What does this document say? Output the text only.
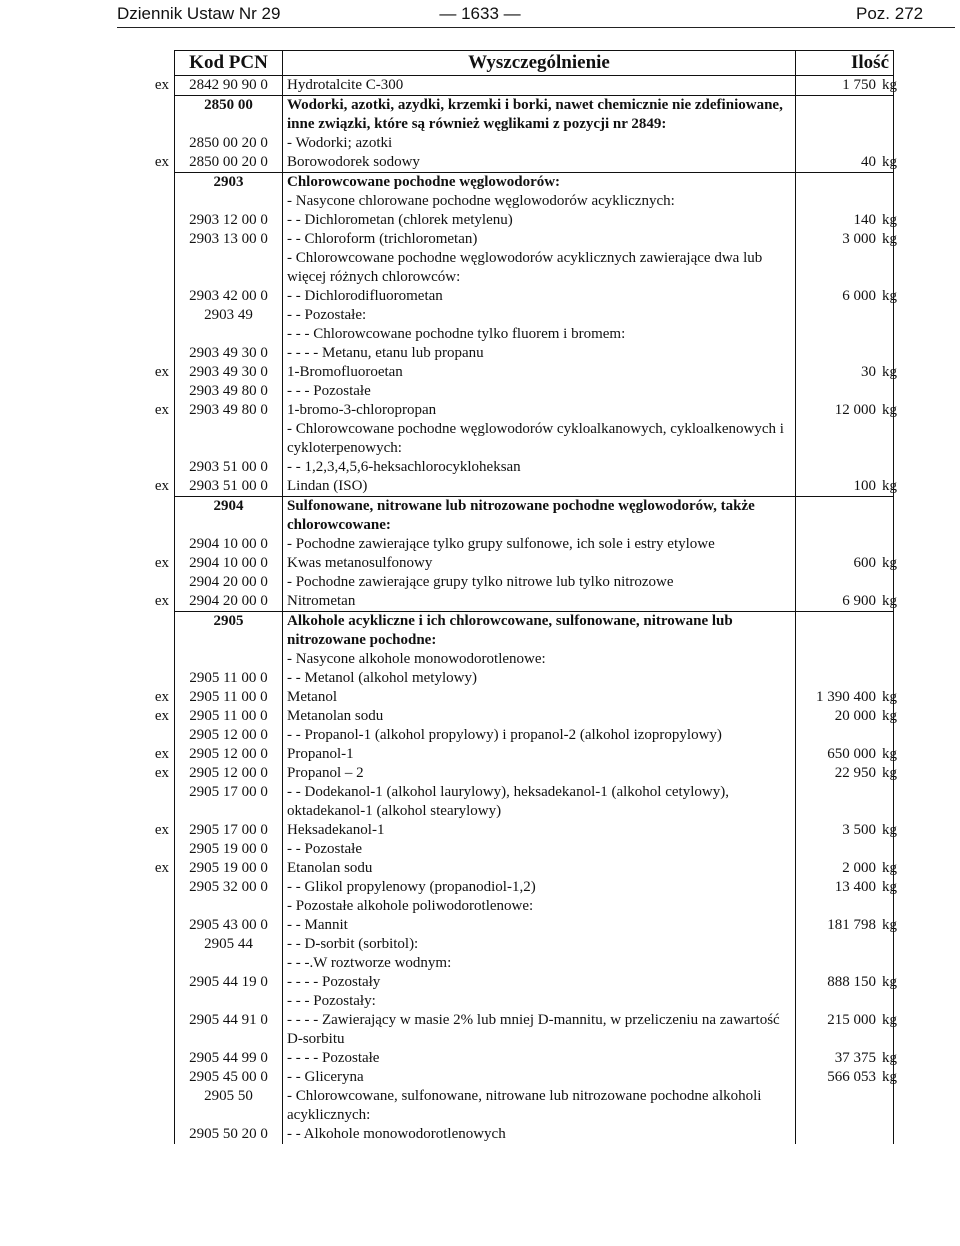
Dziennik Ustaw Nr 29	— 1633 —	Poz. 272
	Kod PCN	Wyszczególnienie	Ilość
ex	2842 90 90 0	Hydrotalcite C-300	1 750 kg
	2850 00	Wodorki, azotki, azydki, krzemki i borki, nawet chemicznie nie zdefiniowane, inne związki, które są również węglikami z pozycji nr 2849:	
	2850 00 20 0	- Wodorki; azotki	
ex	2850 00 20 0	Borowodorek sodowy	40 kg
	2903	Chlorowcowane pochodne węglowodorów:	
		- Nasycone chlorowane pochodne węglowodorów acyklicznych:	
	2903 12 00 0	- - Dichlorometan (chlorek metylenu)	140 kg
	2903 13 00 0	- - Chloroform (trichlorometan)	3 000 kg
		- Chlorowcowane pochodne węglowodorów acyklicznych zawierające dwa lub więcej różnych chlorowców:	
	2903 42 00 0	- - Dichlorodifluorometan	6 000 kg
	2903 49	- - Pozostałe:	
		- - - Chlorowcowane pochodne tylko fluorem i bromem:	
	2903 49 30 0	- - - - Metanu, etanu lub propanu	
ex	2903 49 30 0	1-Bromofluoroetan	30 kg
	2903 49 80 0	- - - Pozostałe	
ex	2903 49 80 0	1-bromo-3-chloropropan	12 000 kg
		- Chlorowcowane pochodne węglowodorów cykloalkanowych, cykloalkenowych i cykloterpenowych:	
	2903 51 00 0	- - 1,2,3,4,5,6-heksachlorocykloheksan	
ex	2903 51 00 0	Lindan (ISO)	100 kg
	2904	Sulfonowane, nitrowane lub nitrozowane pochodne węglowodorów, także chlorowcowane:	
	2904 10 00 0	- Pochodne zawierające tylko grupy sulfonowe, ich sole i estry etylowe	
ex	2904 10 00 0	Kwas metanosulfonowy	600 kg
	2904 20 00 0	- Pochodne zawierające grupy tylko nitrowe lub tylko nitrozowe	
ex	2904 20 00 0	Nitrometan	6 900 kg
	2905	Alkohole acykliczne i ich chlorowcowane, sulfonowane, nitrowane lub nitrozowane pochodne:	
		- Nasycone alkohole monowodorotlenowe:	
	2905 11 00 0	- - Metanol (alkohol metylowy)	
ex	2905 11 00 0	Metanol	1 390 400 kg
ex	2905 11 00 0	Metanolan sodu	20 000 kg
	2905 12 00 0	- - Propanol-1 (alkohol propylowy) i propanol-2 (alkohol izopropylowy)	
ex	2905 12 00 0	Propanol-1	650 000 kg
ex	2905 12 00 0	Propanol – 2	22 950 kg
	2905 17 00 0	- - Dodekanol-1 (alkohol laurylowy), heksadekanol-1 (alkohol cetylowy), oktadekanol-1 (alkohol stearylowy)	
ex	2905 17 00 0	Heksadekanol-1	3 500 kg
	2905 19 00 0	- - Pozostałe	
ex	2905 19 00 0	Etanolan sodu	2 000 kg
	2905 32 00 0	- - Glikol propylenowy (propanodiol-1,2)	13 400 kg
		- Pozostałe alkohole poliwodorotlenowe:	
	2905 43 00 0	- - Mannit	181 798 kg
	2905 44	- - D-sorbit (sorbitol):	
		- - -.W roztworze wodnym:	
	2905 44 19 0	- - - - Pozostały	888 150 kg
		- - - Pozostały:	
	2905 44 91 0	- - - - Zawierający w masie 2% lub mniej D-mannitu, w przeliczeniu na zawartość D-sorbitu	215 000 kg
	2905 44 99 0	- - - - Pozostałe	37 375 kg
	2905 45 00 0	- - Gliceryna	566 053 kg
	2905 50	- Chlorowcowane, sulfonowane, nitrowane lub nitrozowane pochodne alkoholi acyklicznych:	
	2905 50 20 0	- - Alkohole monowodorotlenowych	
